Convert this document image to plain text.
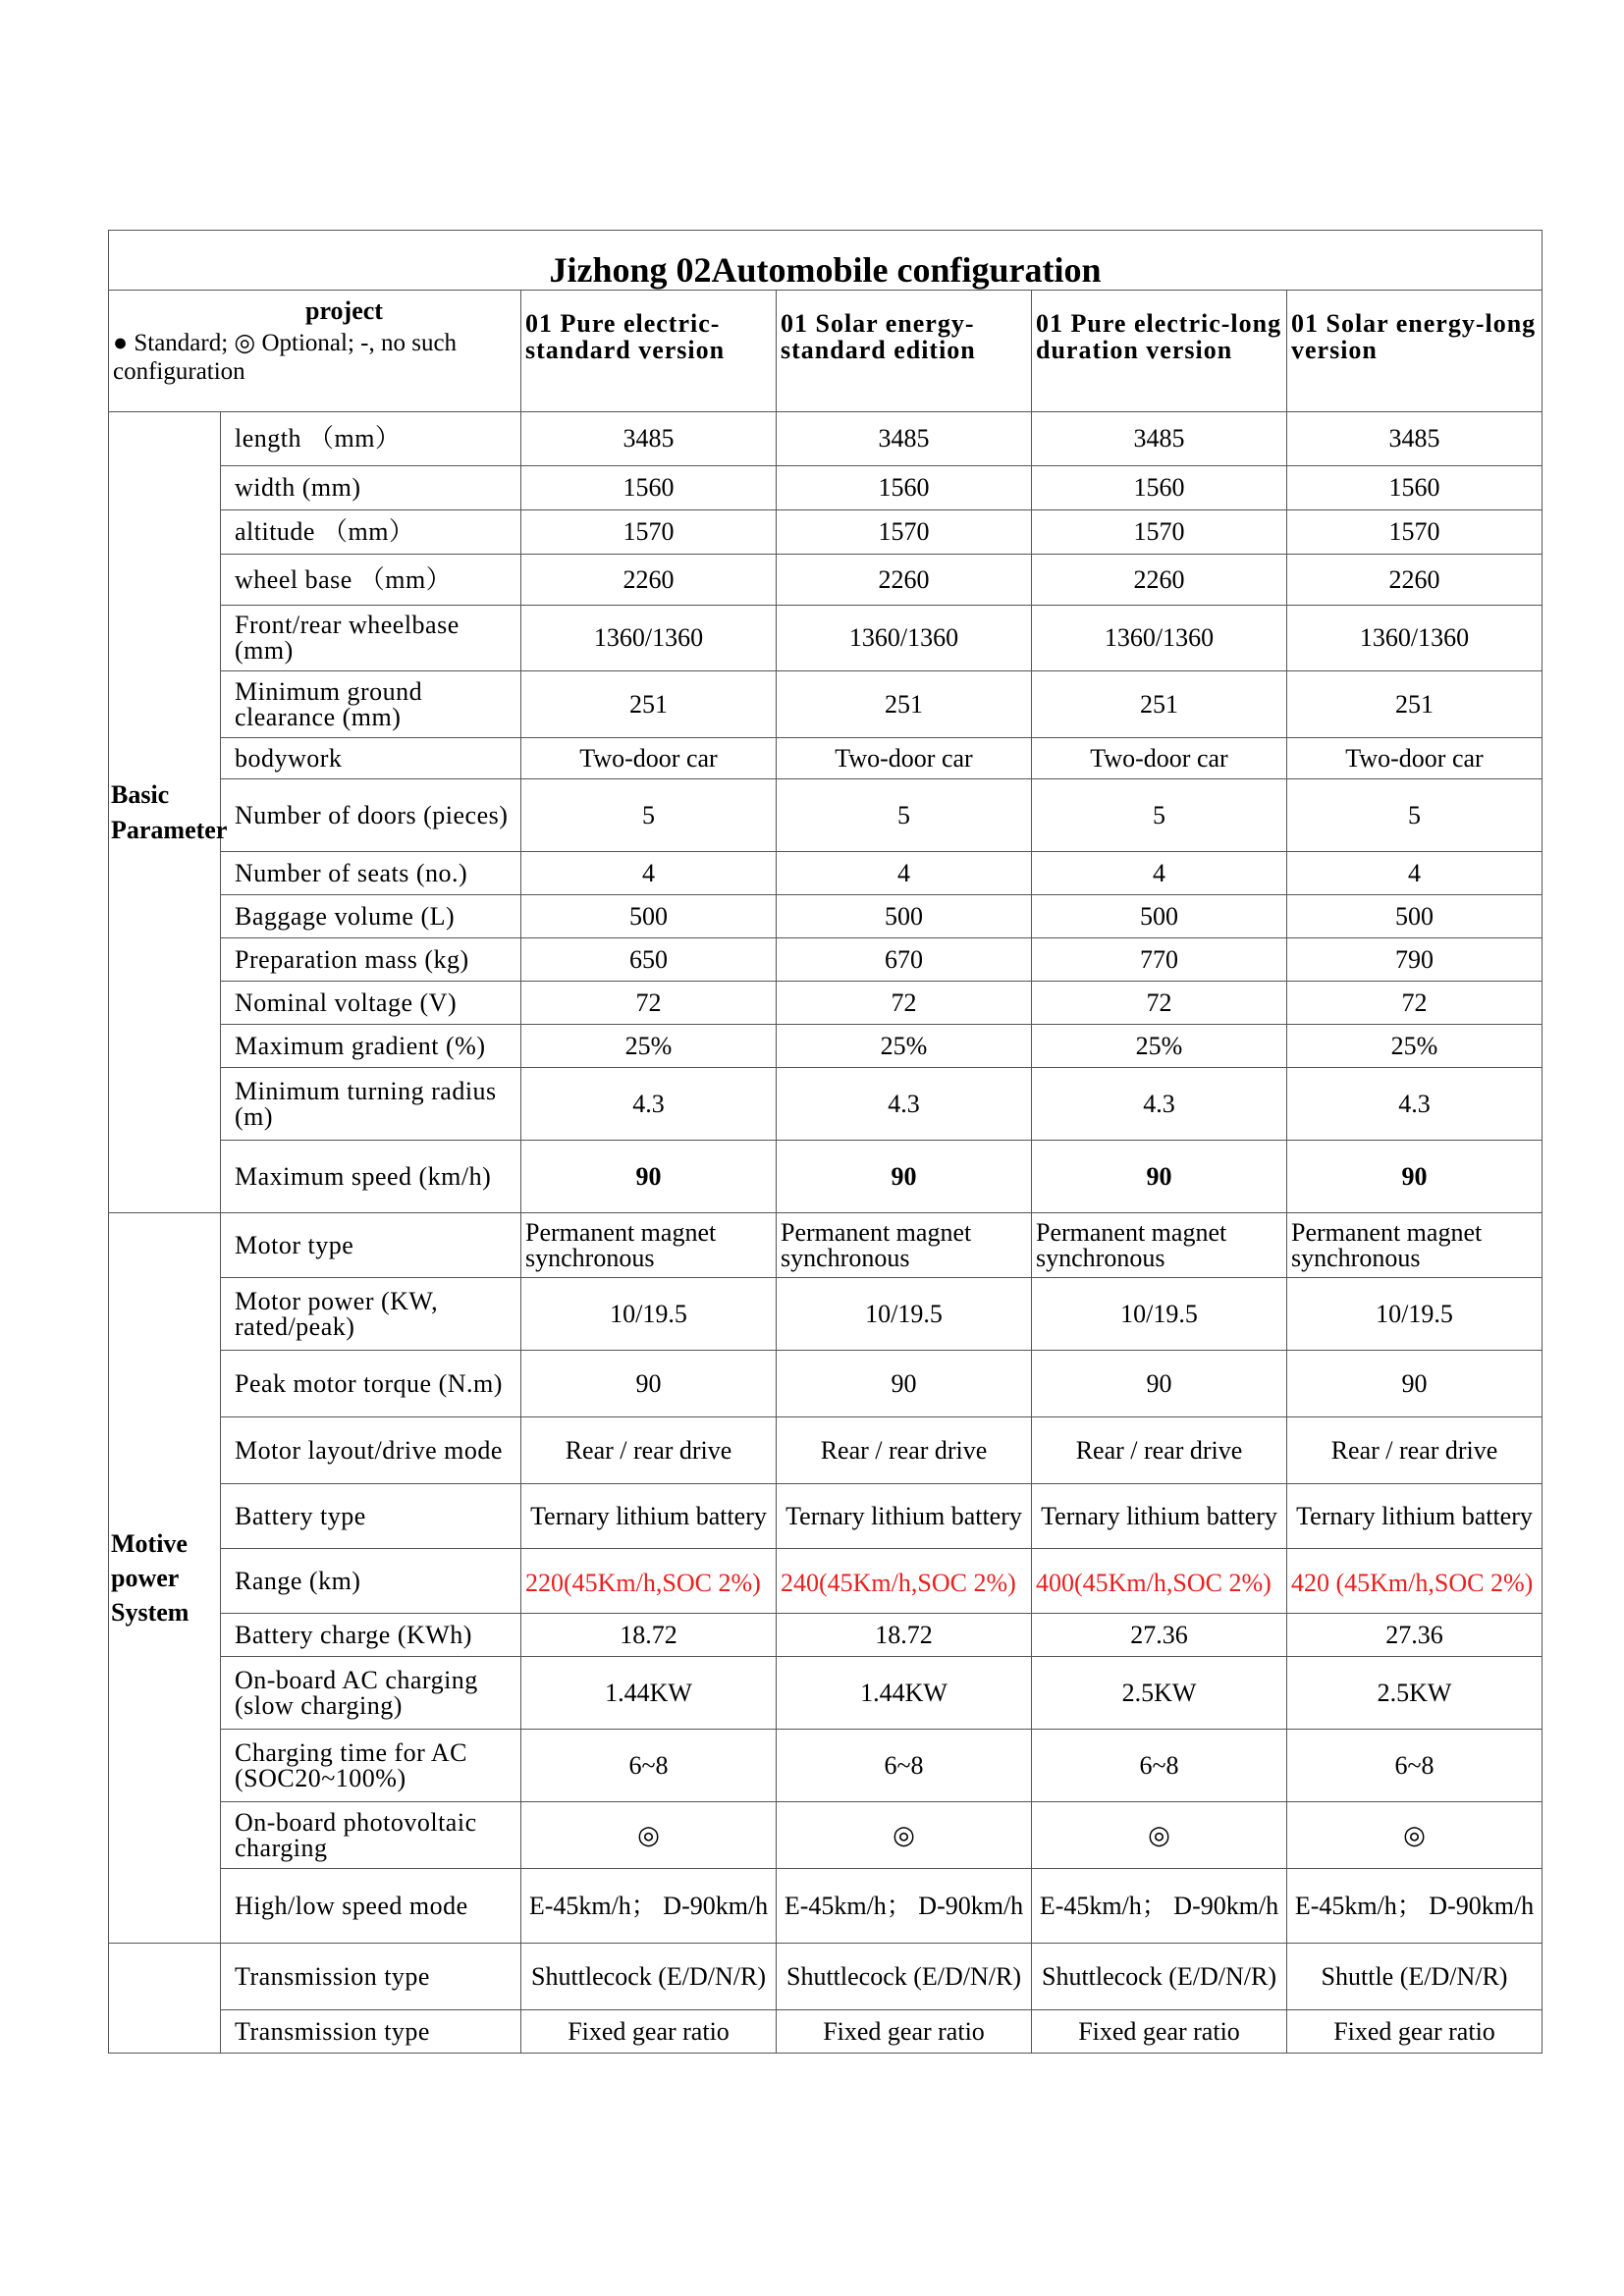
Jizhong 02Automobile configuration					

project
● Standard; ◎ Optional; -, no such configuration		01 Pure electric-standard version	01 Solar energy-standard edition	01 Pure electric-long duration version	01 Solar energy-long version
Basic Parameter	length （mm）	3485	3485	3485	3485
	width (mm)	1560	1560	1560	1560
	altitude （mm）	1570	1570	1570	1570
	wheel base （mm）	2260	2260	2260	2260
	Front/rear wheelbase (mm)	1360/1360	1360/1360	1360/1360	1360/1360
	Minimum ground clearance (mm)	251	251	251	251
	bodywork	Two-door car	Two-door car	Two-door car	Two-door car
	Number of doors (pieces)	5	5	5	5
	Number of seats (no.)	4	4	4	4
	Baggage volume (L)	500	500	500	500
	Preparation mass (kg)	650	670	770	790
	Nominal voltage (V)	72	72	72	72
	Maximum gradient (%)	25%	25%	25%	25%
	Minimum turning radius (m)	4.3	4.3	4.3	4.3
	Maximum speed (km/h)	90	90	90	90
Motive power System	Motor type	Permanent magnet synchronous	Permanent magnet synchronous	Permanent magnet synchronous	Permanent magnet synchronous
	Motor power (KW, rated/peak)	10/19.5	10/19.5	10/19.5	10/19.5
	Peak motor torque (N.m)	90	90	90	90
	Motor layout/drive mode	Rear / rear drive	Rear / rear drive	Rear / rear drive	Rear / rear drive
	Battery type	Ternary lithium battery	Ternary lithium battery	Ternary lithium battery	Ternary lithium battery
	Range (km)	220(45Km/h,SOC 2%)	240(45Km/h,SOC 2%)	400(45Km/h,SOC 2%)	420 (45Km/h,SOC 2%)
	Battery charge (KWh)	18.72	18.72	27.36	27.36
	On-board AC charging (slow charging)	1.44KW	1.44KW	2.5KW	2.5KW
	Charging time for AC (SOC20~100%)	6~8	6~8	6~8	6~8
	On-board photovoltaic charging	◎	◎	◎	◎
	High/low speed mode	E-45km/h； D-90km/h	E-45km/h； D-90km/h	E-45km/h； D-90km/h	E-45km/h； D-90km/h
	Transmission type	Shuttlecock (E/D/N/R)	Shuttlecock (E/D/N/R)	Shuttlecock (E/D/N/R)	Shuttle (E/D/N/R)
	Transmission type	Fixed gear ratio	Fixed gear ratio	Fixed gear ratio	Fixed gear ratio
